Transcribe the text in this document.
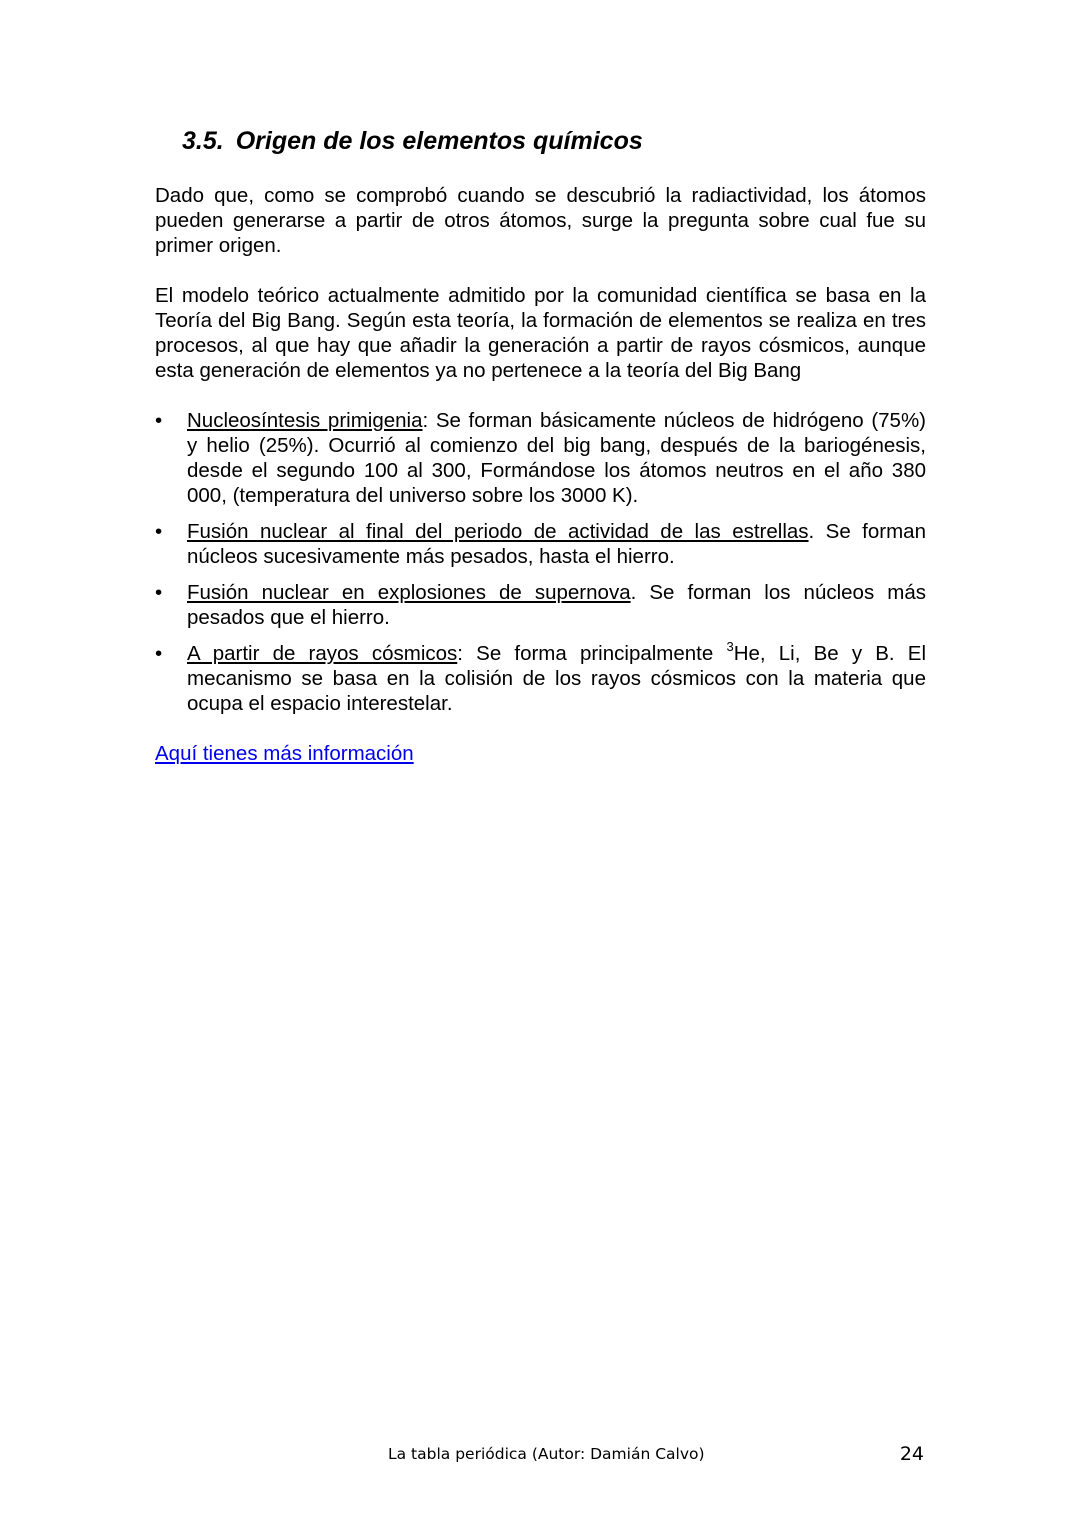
3.5. Origen de los elementos químicos

Dado que, como se comprobó cuando se descubrió la radiactividad, los átomos pueden generarse a partir de otros átomos, surge la pregunta sobre cual fue su primer origen.

El modelo teórico actualmente admitido por la comunidad científica se basa en la Teoría del Big Bang. Según esta teoría, la formación de elementos se realiza en tres procesos, al que hay que añadir la generación a partir de rayos cósmicos, aunque esta generación de elementos ya no pertenece a la teoría del Big Bang

• Nucleosíntesis primigenia: Se forman básicamente núcleos de hidrógeno (75%) y helio (25%). Ocurrió al comienzo del big bang, después de la bariogénesis, desde el segundo 100 al 300, Formándose los átomos neutros en el año 380 000, (temperatura del universo sobre los 3000 K).
• Fusión nuclear al final del periodo de actividad de las estrellas. Se forman núcleos sucesivamente más pesados, hasta el hierro.
• Fusión nuclear en explosiones de supernova. Se forman los núcleos más pesados que el hierro.
• A partir de rayos cósmicos: Se forma principalmente $^3$He, Li, Be y B. El mecanismo se basa en la colisión de los rayos cósmicos con la materia que ocupa el espacio interestelar.
Aquí tienes más información
La tabla periódica (Autor: Damián Calvo)	24
